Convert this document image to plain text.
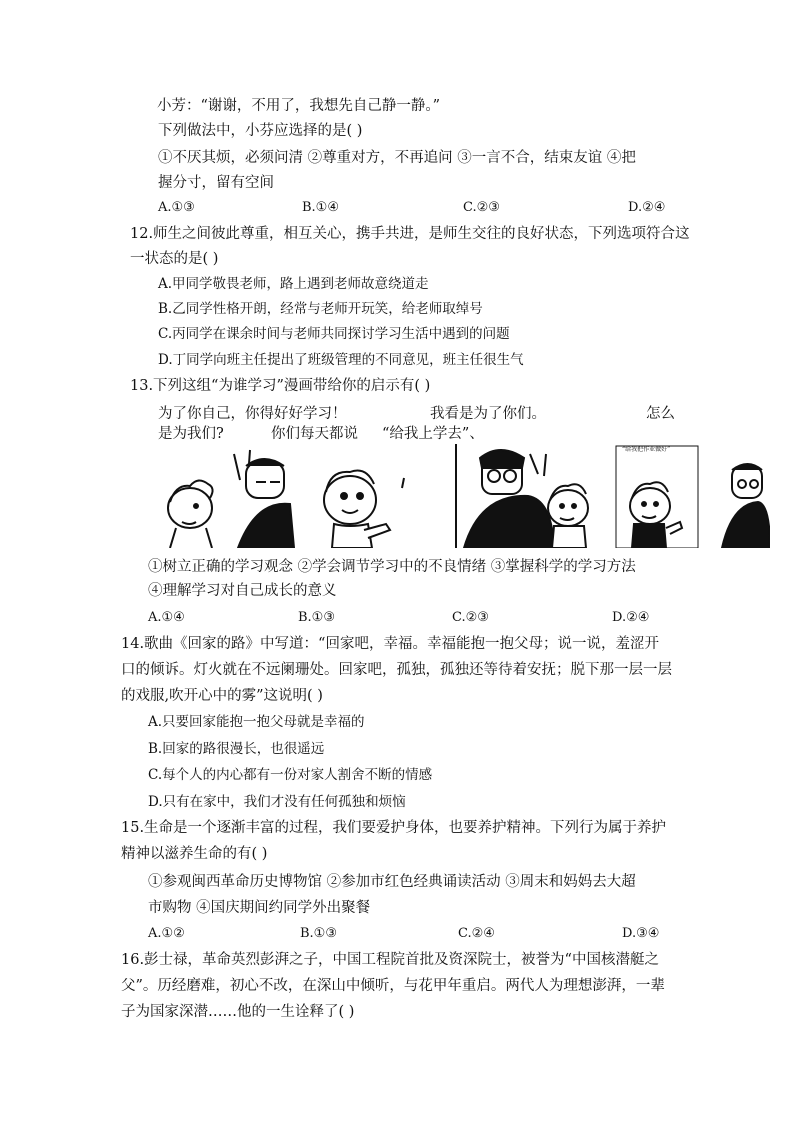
小芳：“谢谢，不用了，我想先自己静一静。”
下列做法中，小芬应选择的是( )
①不厌其烦，必须问清 ②尊重对方，不再追问 ③一言不合，结束友谊 ④把
握分寸，留有空间
A.①③	B.①④	C.②③	D.②④
12.师生之间彼此尊重，相互关心，携手共进，是师生交往的良好状态，下列选项符合这
一状态的是( )
A.甲同学敬畏老师，路上遇到老师故意绕道走
B.乙同学性格开朗，经常与老师开玩笑，给老师取绰号
C.丙同学在课余时间与老师共同探讨学习生活中遇到的问题
D.丁同学向班主任提出了班级管理的不同意见，班主任很生气
13.下列这组“为谁学习”漫画带给你的启示有( )
为了你自己，你得好好学习！	我看是为了你们。	怎么
是为我们?	你们每天都说 “给我上学去”、
“给我把作业做好”
①树立正确的学习观念 ②学会调节学习中的不良情绪 ③掌握科学的学习方法
④理解学习对自己成长的意义
A.①④	B.①③	C.②③	D.②④
14.歌曲《回家的路》中写道：“回家吧，幸福。幸福能抱一抱父母；说一说，羞涩开
口的倾诉。灯火就在不远阑珊处。回家吧，孤独，孤独还等待着安抚；脱下那一层一层
的戏服,吹开心中的雾”这说明( )
A.只要回家能抱一抱父母就是幸福的
B.回家的路很漫长，也很遥远
C.每个人的内心都有一份对家人割舍不断的情感
D.只有在家中，我们才没有任何孤独和烦恼
15.生命是一个逐渐丰富的过程，我们要爱护身体，也要养护精神。下列行为属于养护
精神以滋养生命的有( )
①参观闽西革命历史博物馆 ②参加市红色经典诵读活动 ③周末和妈妈去大超
市购物 ④国庆期间约同学外出聚餐
A.①②	B.①③	C.②④	D.③④
16.彭士禄，革命英烈彭湃之子，中国工程院首批及资深院士，被誉为“中国核潜艇之
父”。历经磨难，初心不改，在深山中倾听，与花甲年重启。两代人为理想澎湃，一辈
子为国家深潜……他的一生诠释了( )
